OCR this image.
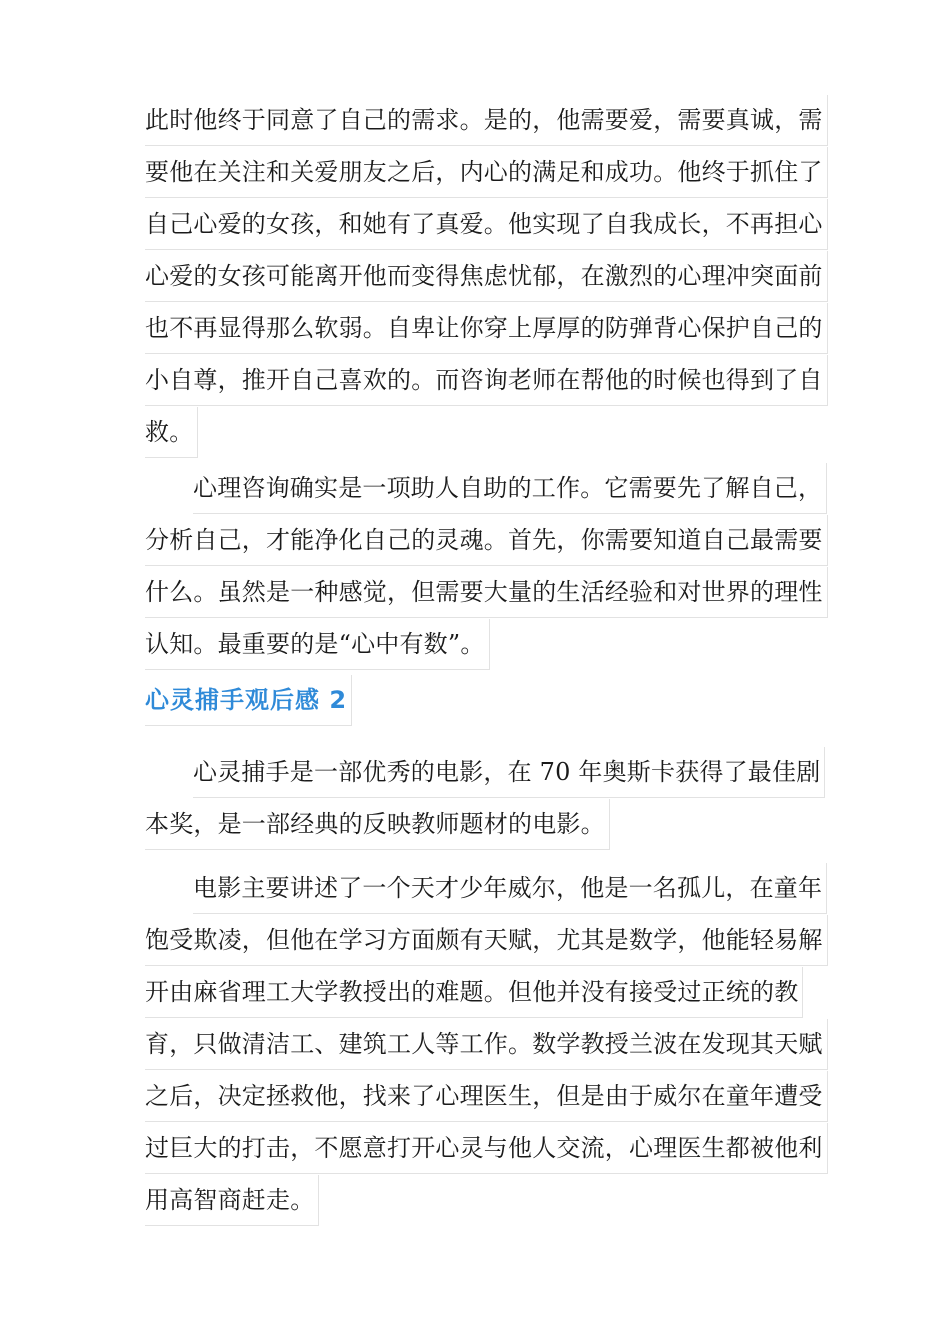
此时他终于同意了自己的需求。是的，他需要爱，需要真诚，需
要他在关注和关爱朋友之后，内心的满足和成功。他终于抓住了
自己心爱的女孩，和她有了真爱。他实现了自我成长，不再担心
心爱的女孩可能离开他而变得焦虑忧郁，在激烈的心理冲突面前
也不再显得那么软弱。自卑让你穿上厚厚的防弹背心保护自己的
小自尊，推开自己喜欢的。而咨询老师在帮他的时候也得到了自
救。
心理咨询确实是一项助人自助的工作。它需要先了解自己，
分析自己，才能净化自己的灵魂。首先，你需要知道自己最需要
什么。虽然是一种感觉，但需要大量的生活经验和对世界的理性
认知。最重要的是“心中有数”。
心灵捕手观后感 2
心灵捕手是一部优秀的电影，在 70 年奥斯卡获得了最佳剧
本奖，是一部经典的反映教师题材的电影。
电影主要讲述了一个天才少年威尔，他是一名孤儿，在童年
饱受欺凌，但他在学习方面颇有天赋，尤其是数学，他能轻易解
开由麻省理工大学教授出的难题。但他并没有接受过正统的教
育，只做清洁工、建筑工人等工作。数学教授兰波在发现其天赋
之后，决定拯救他，找来了心理医生，但是由于威尔在童年遭受
过巨大的打击，不愿意打开心灵与他人交流，心理医生都被他利
用高智商赶走。
